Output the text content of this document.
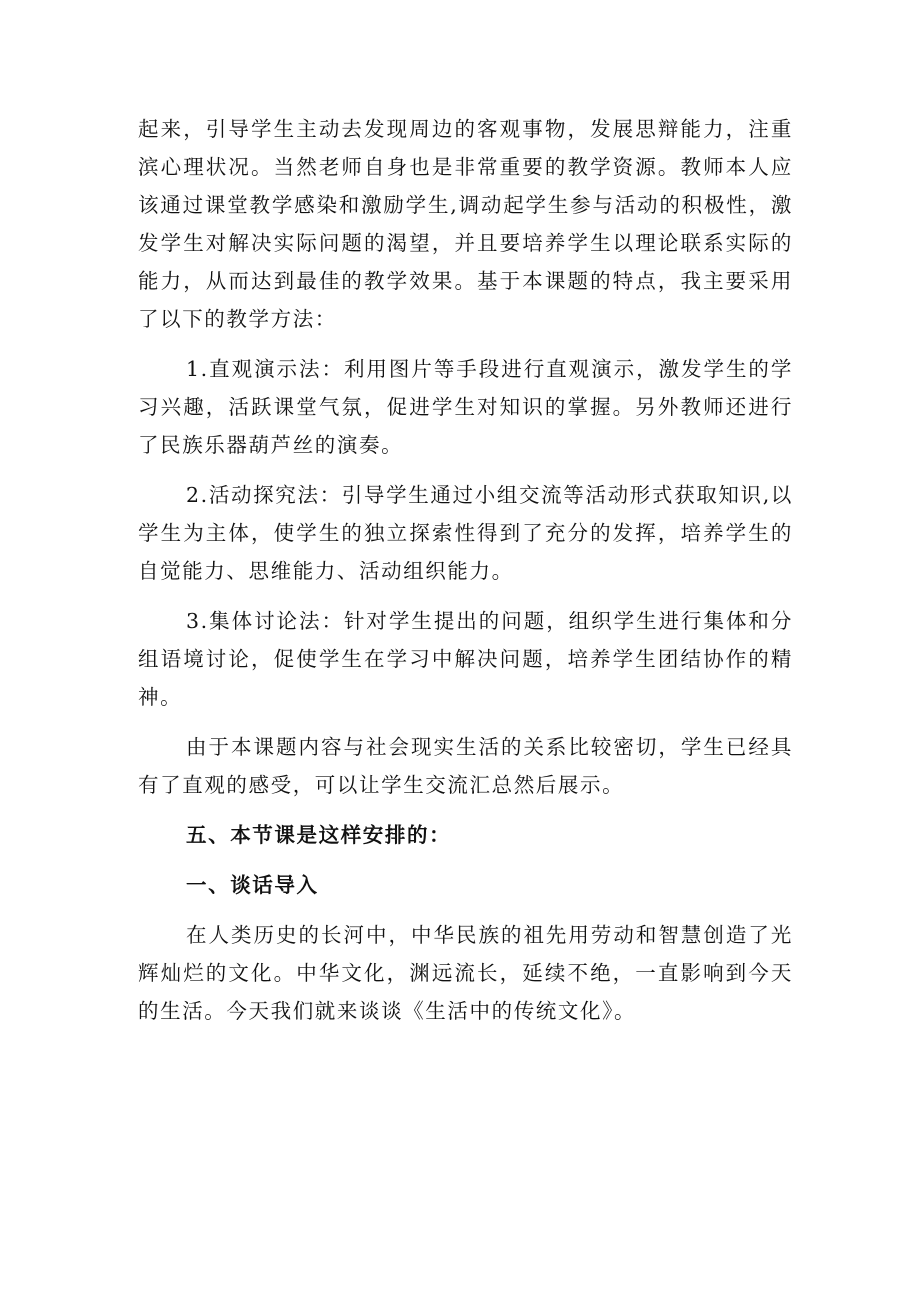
起来，引导学生主动去发现周边的客观事物，发展思辩能力，注重滨心理状况。当然老师自身也是非常重要的教学资源。教师本人应该通过课堂教学感染和激励学生,调动起学生参与活动的积极性，激发学生对解决实际问题的渴望，并且要培养学生以理论联系实际的能力，从而达到最佳的教学效果。基于本课题的特点，我主要采用了以下的教学方法：

1.直观演示法：利用图片等手段进行直观演示，激发学生的学习兴趣，活跃课堂气氛，促进学生对知识的掌握。另外教师还进行了民族乐器葫芦丝的演奏。

2.活动探究法：引导学生通过小组交流等活动形式获取知识,以学生为主体，使学生的独立探索性得到了充分的发挥，培养学生的自觉能力、思维能力、活动组织能力。

3.集体讨论法：针对学生提出的问题，组织学生进行集体和分组语境讨论，促使学生在学习中解决问题，培养学生团结协作的精神。

由于本课题内容与社会现实生活的关系比较密切，学生已经具有了直观的感受，可以让学生交流汇总然后展示。

五、本节课是这样安排的：
一、谈话导入

在人类历史的长河中，中华民族的祖先用劳动和智慧创造了光辉灿烂的文化。中华文化，渊远流长，延续不绝，一直影响到今天的生活。今天我们就来谈谈《生活中的传统文化》。
